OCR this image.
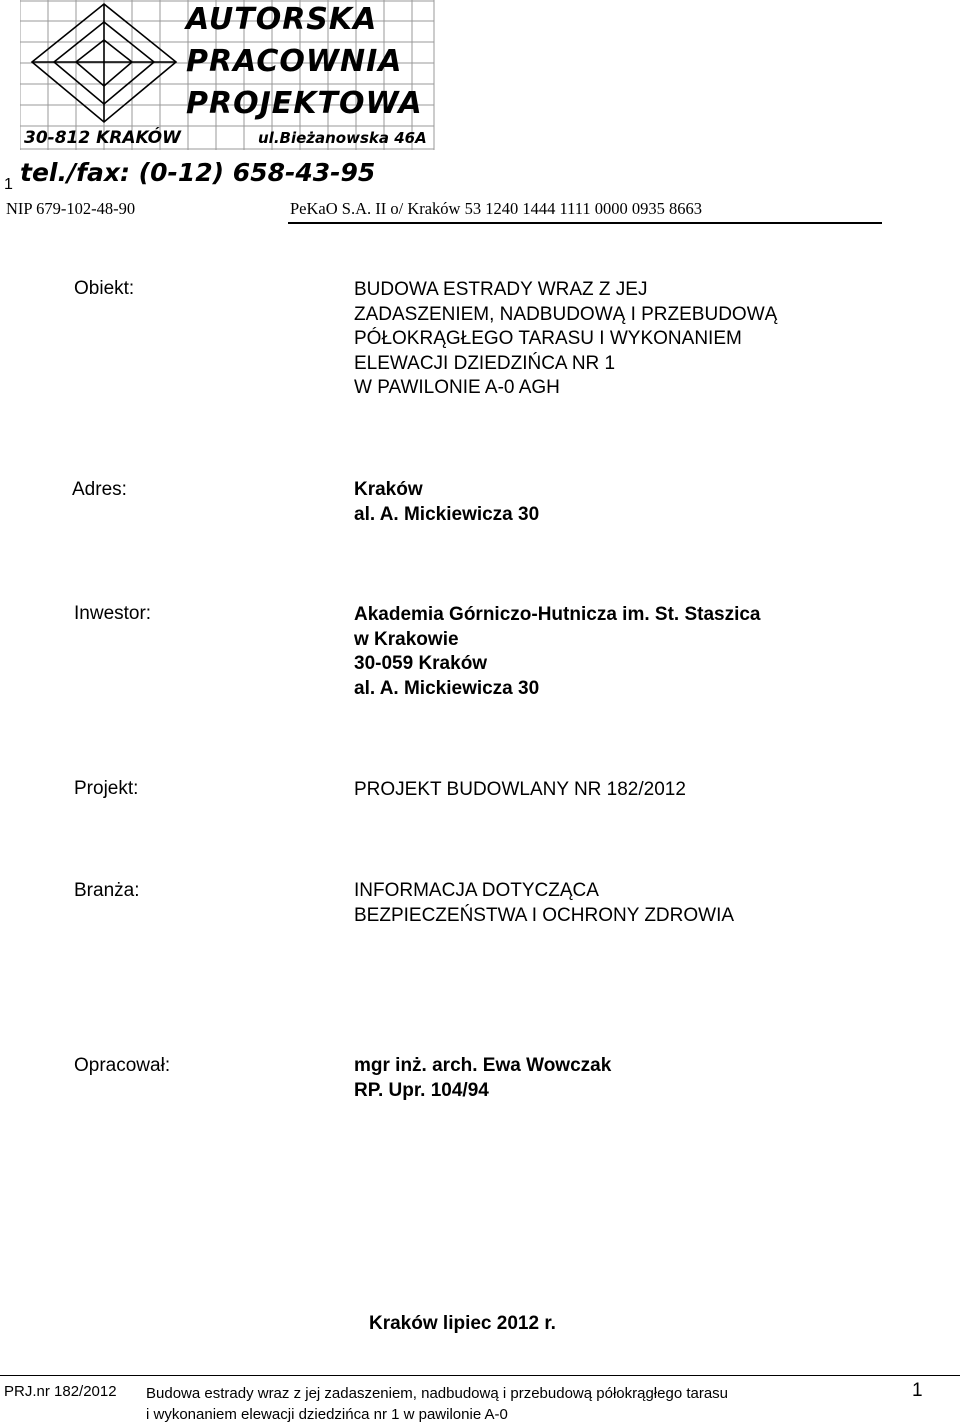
AUTORSKA
PRACOWNIA
PROJEKTOWA
30-812 KRAKÓW	ul.Bieżanowska 46A
1 tel./fax: (0-12) 658-43-95
NIP 679-102-48-90	PeKaO S.A. II o/ Kraków 53 1240 1444 1111 0000 0935 8663
Obiekt:	BUDOWA ESTRADY WRAZ Z JEJ
ZADASZENIEM, NADBUDOWĄ I PRZEBUDOWĄ
PÓŁOKRĄGŁEGO TARASU I WYKONANIEM
ELEWACJI DZIEDZIŃCA NR 1
W PAWILONIE A-0 AGH
Adres:	Kraków
al. A. Mickiewicza 30
Inwestor:	Akademia Górniczo-Hutnicza im. St. Staszica
w Krakowie
30-059 Kraków
al. A. Mickiewicza 30
Projekt:	PROJEKT BUDOWLANY NR 182/2012
Branża:	INFORMACJA DOTYCZĄCA
BEZPIECZEŃSTWA I OCHRONY ZDROWIA
Opracował:	mgr inż. arch. Ewa Wowczak
RP. Upr. 104/94
Kraków lipiec 2012 r.
PRJ.nr 182/2012 Budowa estrady wraz z jej zadaszeniem, nadbudową i przebudową półokrągłego tarasu
i wykonaniem elewacji dziedzińca nr 1 w pawilonie A-0
1
